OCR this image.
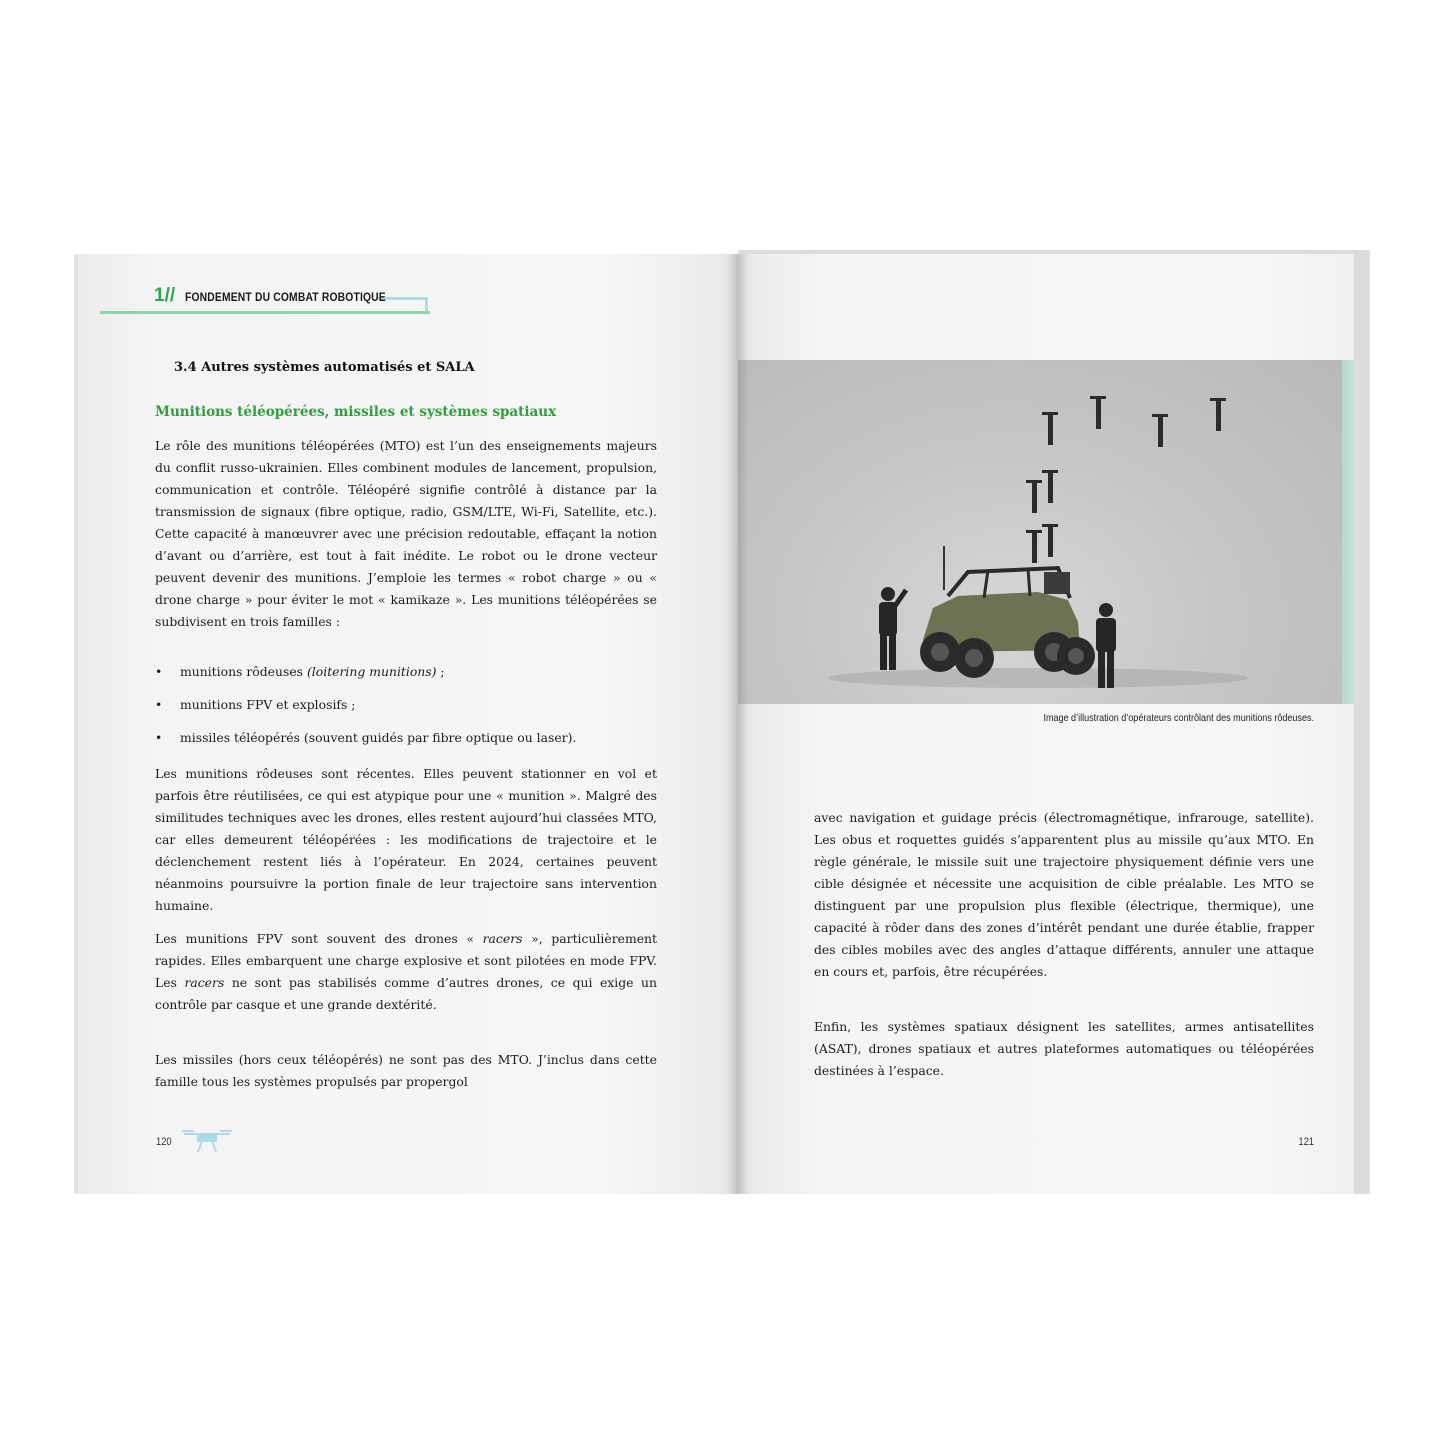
1// FONDEMENT DU COMBAT ROBOTIQUE
3.4 Autres systèmes automatisés et SALA
Munitions téléopérées, missiles et systèmes spatiaux
Le rôle des munitions téléopérées (MTO) est l’un des enseignements majeurs du conflit russo-ukrainien. Elles combinent modules de lancement, propulsion, communication et contrôle. Téléopéré signifie contrôlé à distance par la transmission de signaux (fibre optique, radio, GSM/LTE, Wi-Fi, Satellite, etc.). Cette capacité à manœuvrer avec une précision redoutable, effaçant la notion d’avant ou d’arrière, est tout à fait inédite. Le robot ou le drone vecteur peuvent devenir des munitions. J’emploie les termes « robot charge » ou « drone charge » pour éviter le mot « kamikaze ». Les munitions téléopérées se subdivisent en trois familles :
• munitions rôdeuses (loitering munitions) ;
• munitions FPV et explosifs ;
• missiles téléopérés (souvent guidés par fibre optique ou laser).
Les munitions rôdeuses sont récentes. Elles peuvent stationner en vol et parfois être réutilisées, ce qui est atypique pour une « munition ». Malgré des similitudes techniques avec les drones, elles restent aujourd’hui classées MTO, car elles demeurent téléopérées : les modifications de trajectoire et le déclenchement restent liés à l’opérateur. En 2024, certaines peuvent néanmoins poursuivre la portion finale de leur trajectoire sans intervention humaine.
Les munitions FPV sont souvent des drones « racers », particulièrement rapides. Elles embarquent une charge explosive et sont pilotées en mode FPV. Les racers ne sont pas stabilisés comme d’autres drones, ce qui exige un contrôle par casque et une grande dextérité.
Les missiles (hors ceux téléopérés) ne sont pas des MTO. J’inclus dans cette famille tous les systèmes propulsés par propergol
120
Image d’illustration d’opérateurs contrôlant des munitions rôdeuses.
avec navigation et guidage précis (électromagnétique, infrarouge, satellite). Les obus et roquettes guidés s’apparentent plus au missile qu’aux MTO. En règle générale, le missile suit une trajectoire physiquement définie vers une cible désignée et nécessite une acquisition de cible préalable. Les MTO se distinguent par une propulsion plus flexible (électrique, thermique), une capacité à rôder dans des zones d’intérêt pendant une durée établie, frapper des cibles mobiles avec des angles d’attaque différents, annuler une attaque en cours et, parfois, être récupérées.
Enfin, les systèmes spatiaux désignent les satellites, armes antisatellites (ASAT), drones spatiaux et autres plateformes automatiques ou téléopérées destinées à l’espace.
121
